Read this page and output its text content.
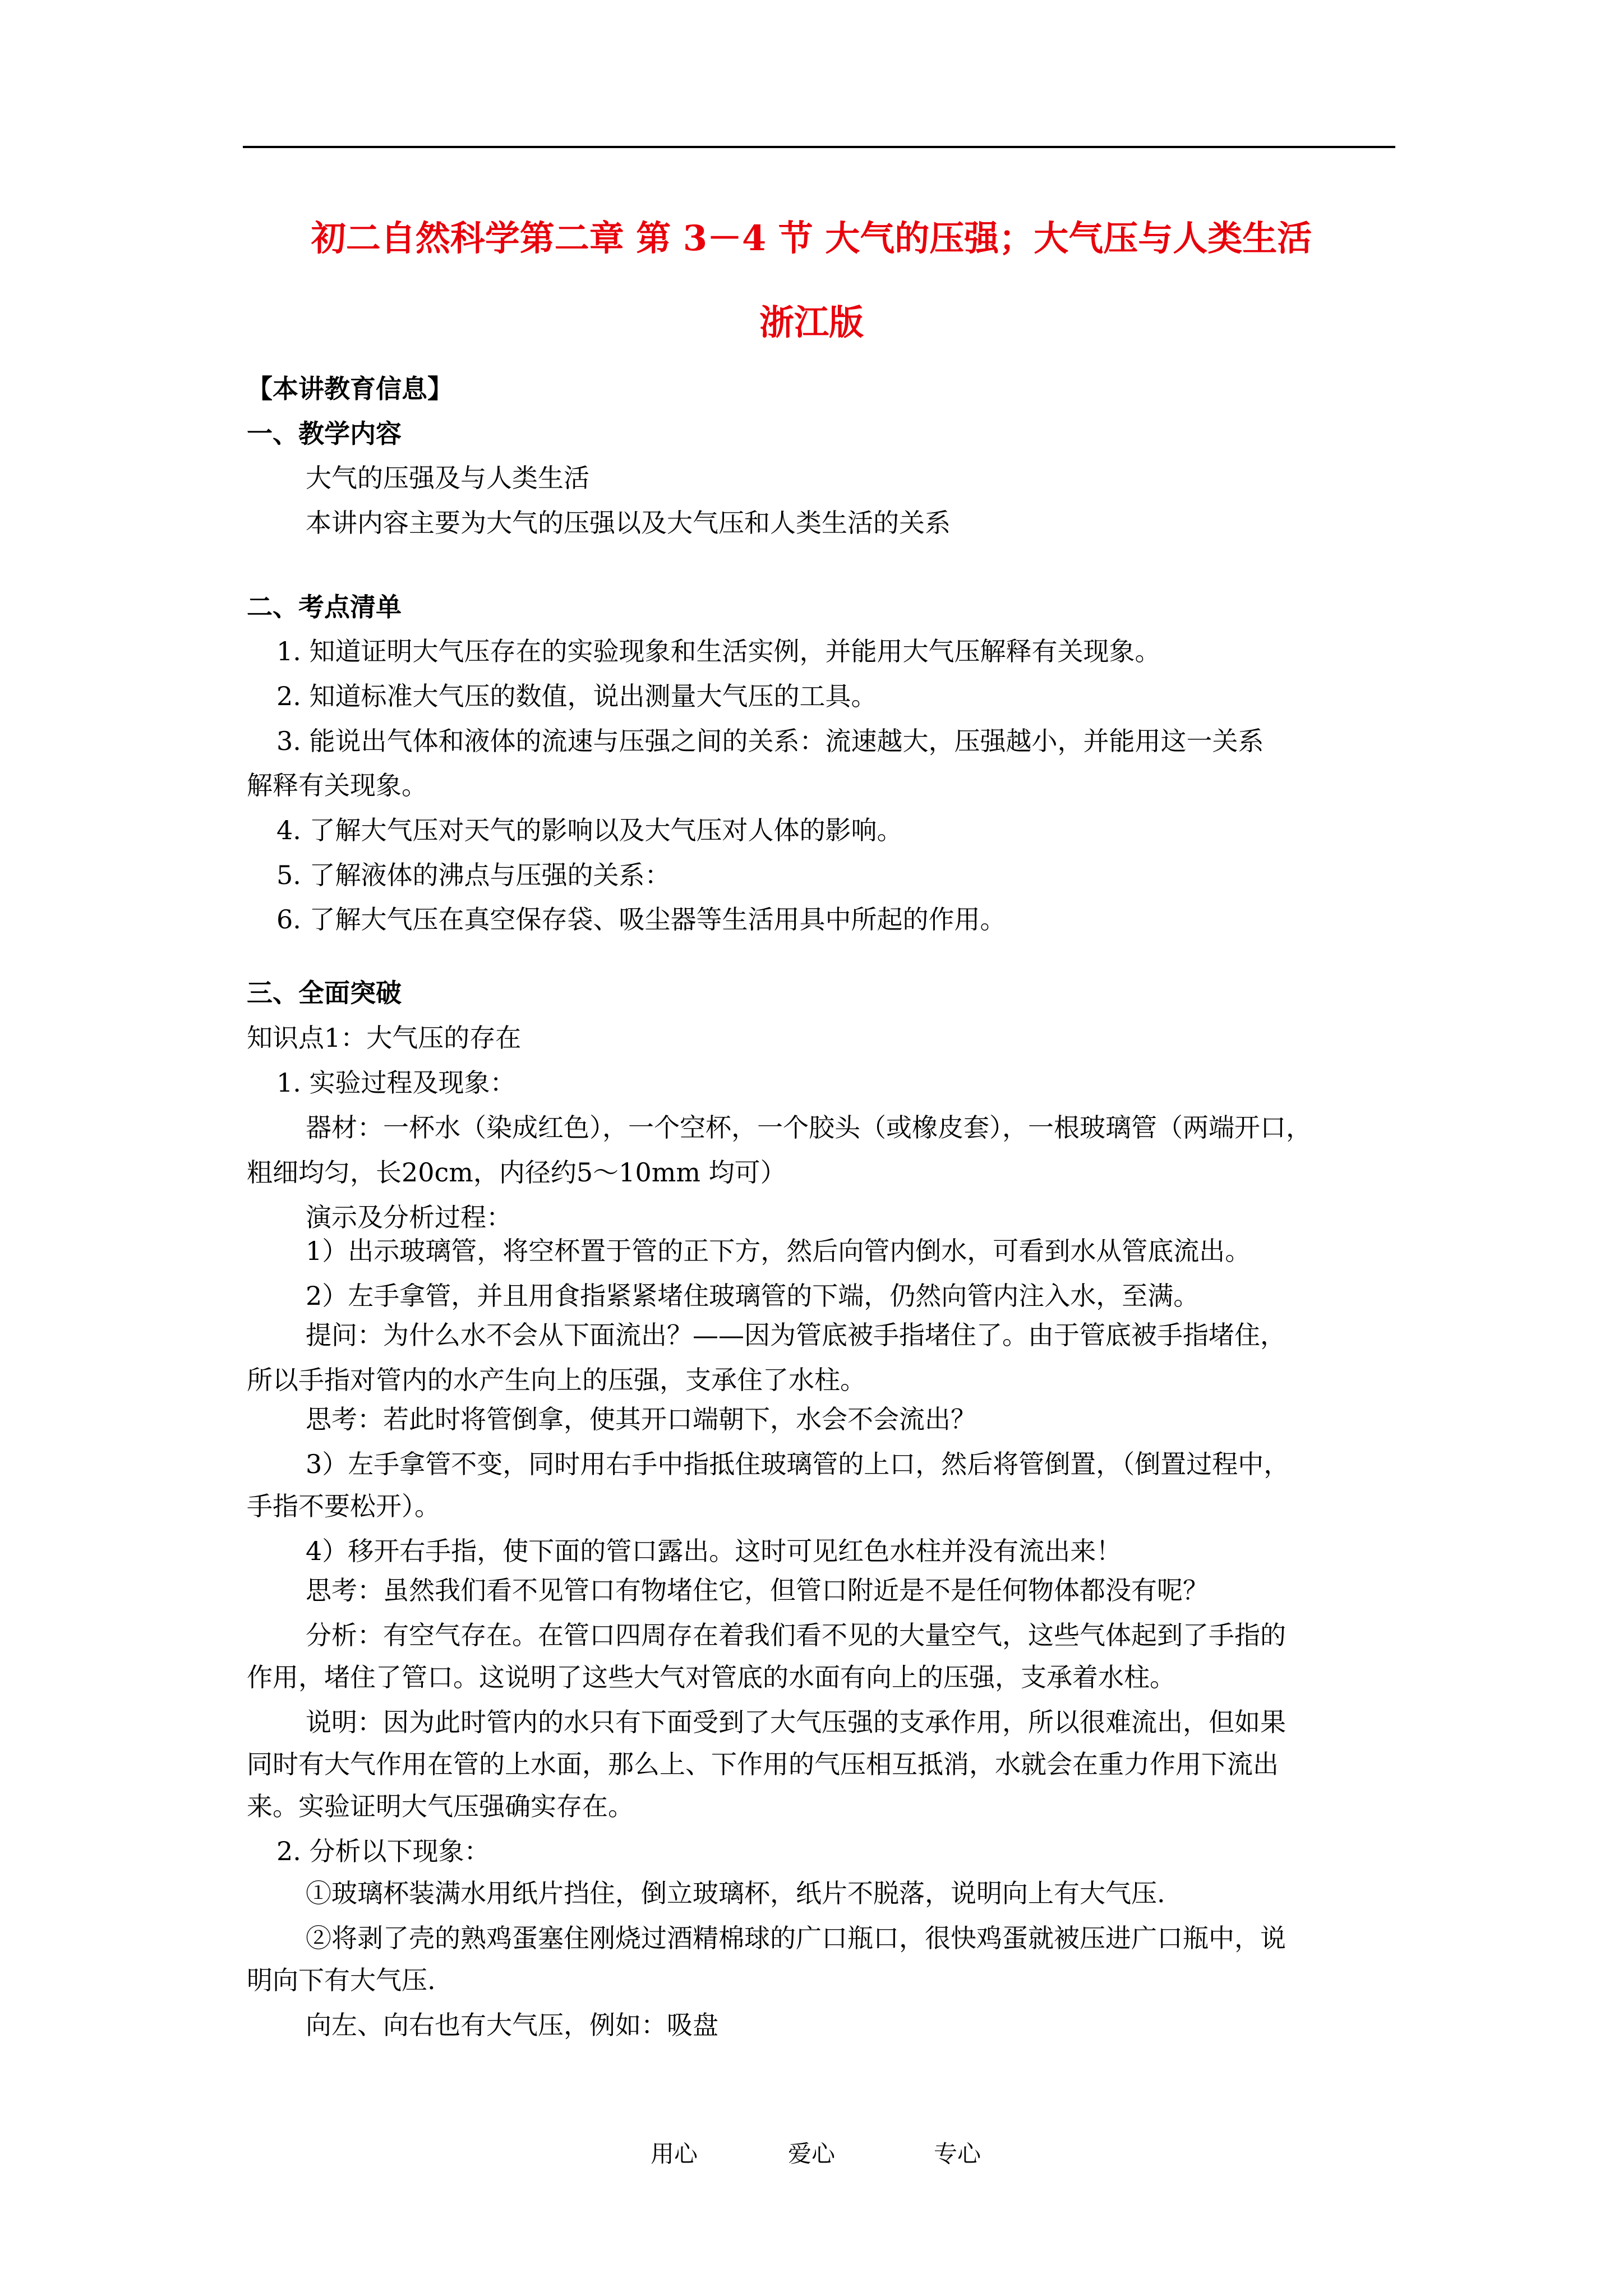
初二自然科学第二章 第 3－4 节 大气的压强；大气压与人类生活
浙江版
【本讲教育信息】
一、教学内容
大气的压强及与人类生活
本讲内容主要为大气的压强以及大气压和人类生活的关系
二、考点清单
1. 知道证明大气压存在的实验现象和生活实例，并能用大气压解释有关现象。
2. 知道标准大气压的数值，说出测量大气压的工具。
3. 能说出气体和液体的流速与压强之间的关系：流速越大，压强越小，并能用这一关系
解释有关现象。
4. 了解大气压对天气的影响以及大气压对人体的影响。
5. 了解液体的沸点与压强的关系：
6. 了解大气压在真空保存袋、吸尘器等生活用具中所起的作用。
三、全面突破
知识点1：大气压的存在
1. 实验过程及现象：
器材：一杯水（染成红色），一个空杯，一个胶头（或橡皮套），一根玻璃管（两端开口，
粗细均匀，长20cm，内径约5～10mm 均可）
演示及分析过程：
1）出示玻璃管，将空杯置于管的正下方，然后向管内倒水，可看到水从管底流出。
2）左手拿管，并且用食指紧紧堵住玻璃管的下端，仍然向管内注入水，至满。
提问：为什么水不会从下面流出？——因为管底被手指堵住了。由于管底被手指堵住，
所以手指对管内的水产生向上的压强，支承住了水柱。
思考：若此时将管倒拿，使其开口端朝下，水会不会流出？
3）左手拿管不变，同时用右手中指抵住玻璃管的上口，然后将管倒置，（倒置过程中，
手指不要松开）。
4）移开右手指，使下面的管口露出。这时可见红色水柱并没有流出来！
思考：虽然我们看不见管口有物堵住它，但管口附近是不是任何物体都没有呢？
分析：有空气存在。在管口四周存在着我们看不见的大量空气，这些气体起到了手指的
作用，堵住了管口。这说明了这些大气对管底的水面有向上的压强，支承着水柱。
说明：因为此时管内的水只有下面受到了大气压强的支承作用，所以很难流出，但如果
同时有大气作用在管的上水面，那么上、下作用的气压相互抵消，水就会在重力作用下流出
来。实验证明大气压强确实存在。
2. 分析以下现象：
①玻璃杯装满水用纸片挡住，倒立玻璃杯，纸片不脱落，说明向上有大气压.
②将剥了壳的熟鸡蛋塞住刚烧过酒精棉球的广口瓶口，很快鸡蛋就被压进广口瓶中，说
明向下有大气压.
向左、向右也有大气压，例如：吸盘
用心	爱心	专心
